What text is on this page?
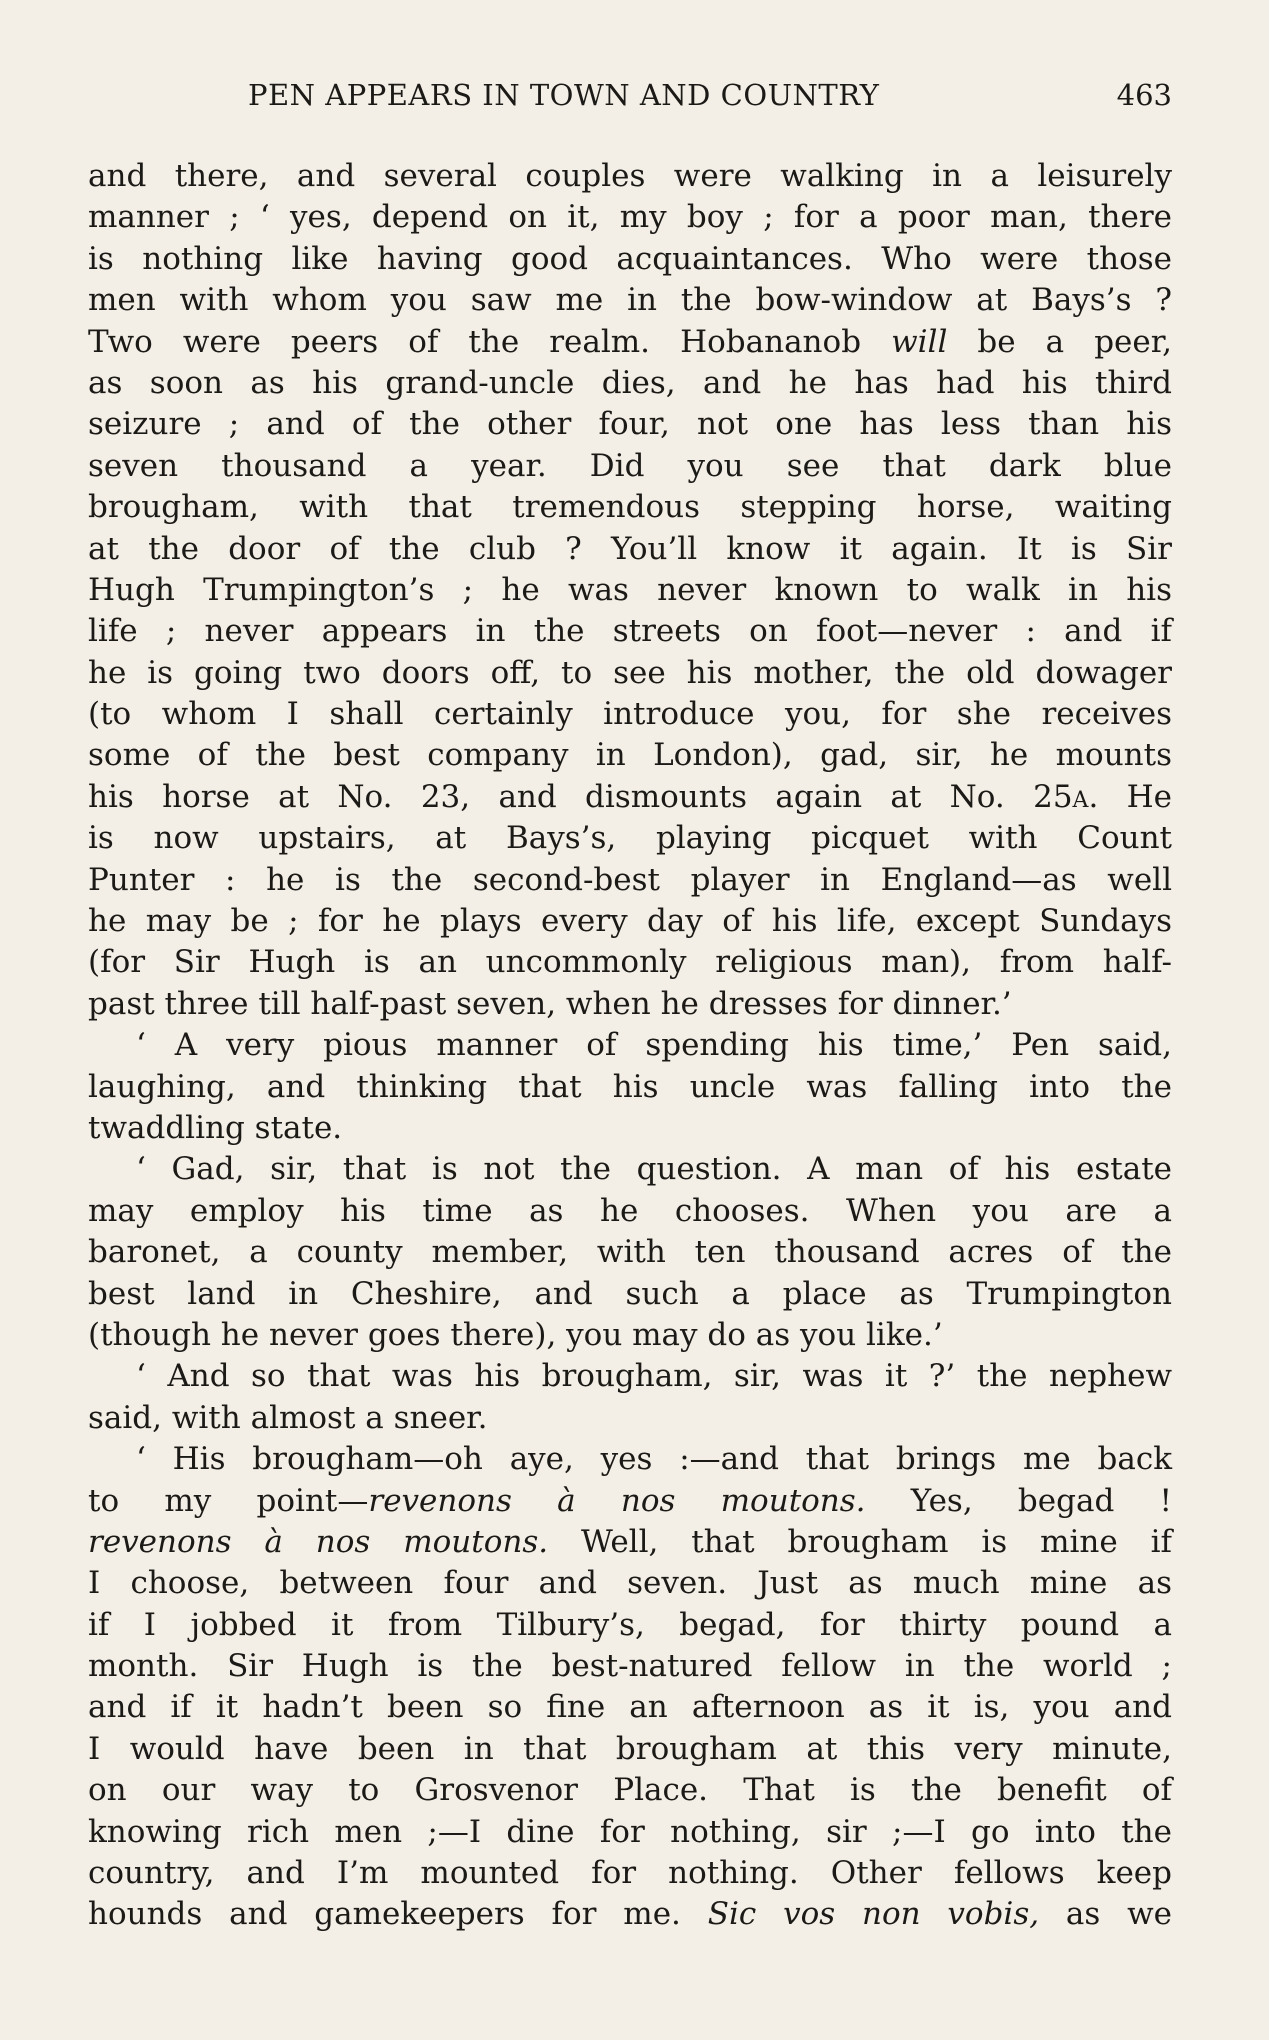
PEN APPEARS IN TOWN AND COUNTRY	463
and there, and several couples were walking in a leisurely
manner ; ‘ yes, depend on it, my boy ; for a poor man, there
is nothing like having good acquaintances. Who were those
men with whom you saw me in the bow-window at Bays’s ?
Two were peers of the realm. Hobananob will be a peer,
as soon as his grand-uncle dies, and he has had his third
seizure ; and of the other four, not one has less than his
seven thousand a year. Did you see that dark blue
brougham, with that tremendous stepping horse, waiting
at the door of the club ? You’ll know it again. It is Sir
Hugh Trumpington’s ; he was never known to walk in his
life ; never appears in the streets on foot—never : and if
he is going two doors off, to see his mother, the old dowager
(to whom I shall certainly introduce you, for she receives
some of the best company in London), gad, sir, he mounts
his horse at No. 23, and dismounts again at No. 25A. He
is now upstairs, at Bays’s, playing picquet with Count
Punter : he is the second-best player in England—as well
he may be ; for he plays every day of his life, except Sundays
(for Sir Hugh is an uncommonly religious man), from half-
past three till half-past seven, when he dresses for dinner.’
‘ A very pious manner of spending his time,’ Pen said,
laughing, and thinking that his uncle was falling into the
twaddling state.
‘ Gad, sir, that is not the question. A man of his estate
may employ his time as he chooses. When you are a
baronet, a county member, with ten thousand acres of the
best land in Cheshire, and such a place as Trumpington
(though he never goes there), you may do as you like.’
‘ And so that was his brougham, sir, was it ?’ the nephew
said, with almost a sneer.
‘ His brougham—oh aye, yes :—and that brings me back
to my point—revenons à nos moutons. Yes, begad !
revenons à nos moutons. Well, that brougham is mine if
I choose, between four and seven. Just as much mine as
if I jobbed it from Tilbury’s, begad, for thirty pound a
month. Sir Hugh is the best-natured fellow in the world ;
and if it hadn’t been so fine an afternoon as it is, you and
I would have been in that brougham at this very minute,
on our way to Grosvenor Place. That is the benefit of
knowing rich men ;—I dine for nothing, sir ;—I go into the
country, and I’m mounted for nothing. Other fellows keep
hounds and gamekeepers for me. Sic vos non vobis, as we
